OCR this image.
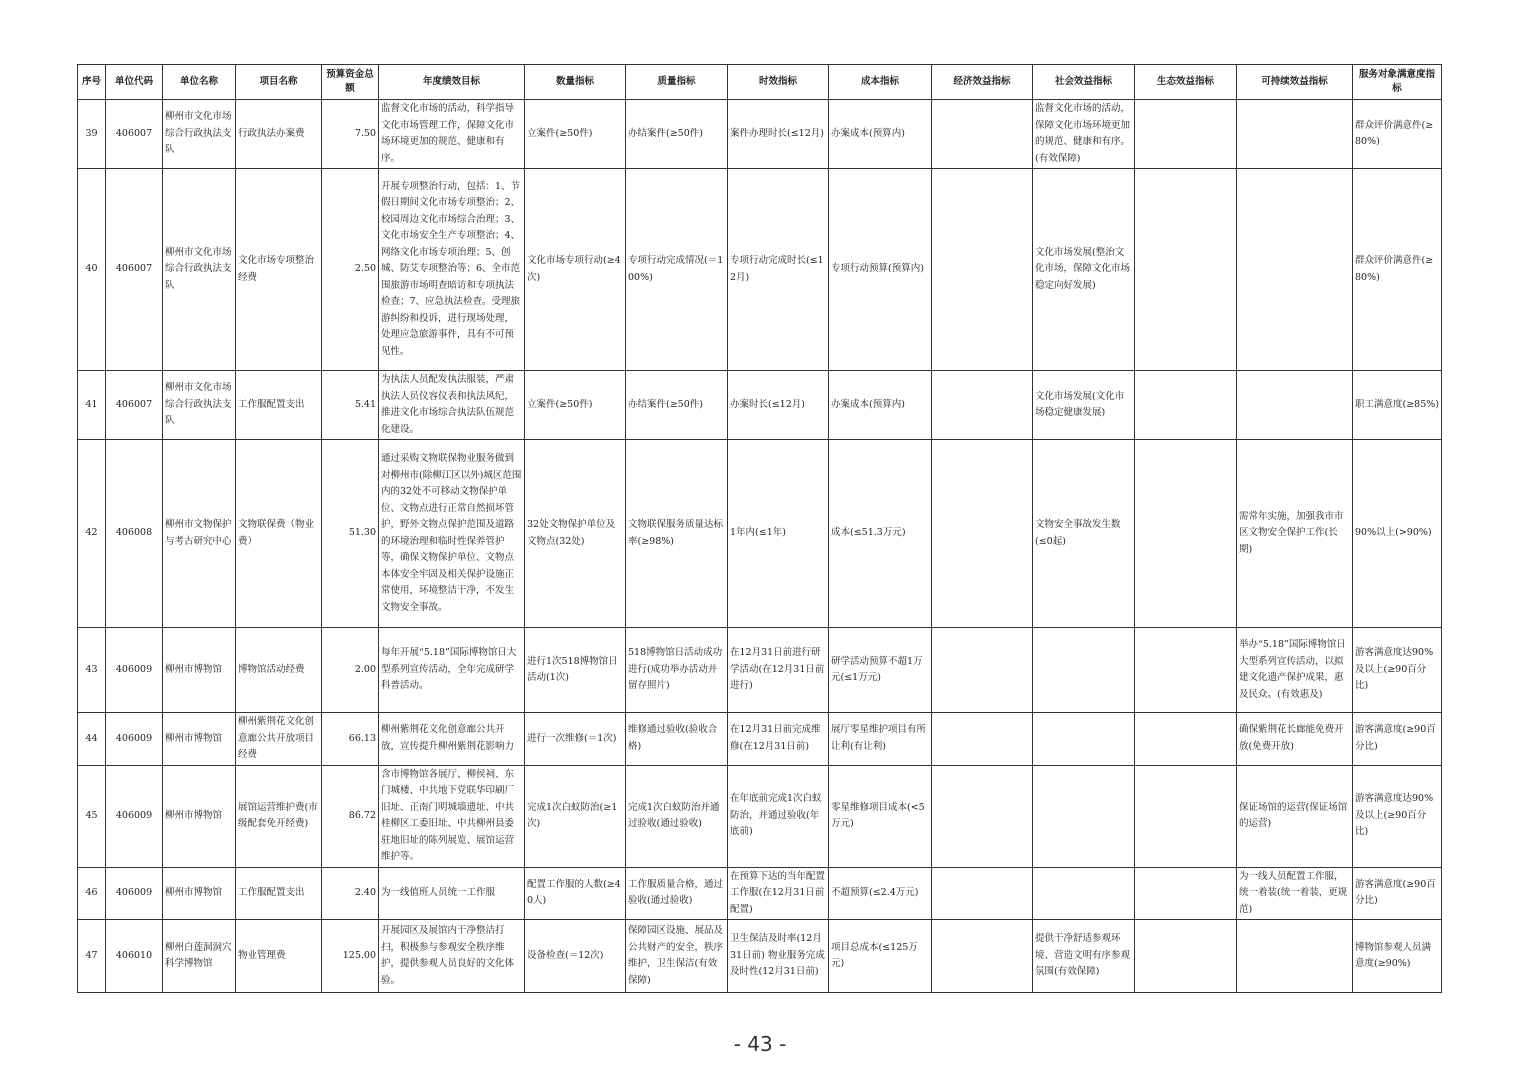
序号	单位代码	单位名称	项目名称	预算资金总额	年度绩效目标	数量指标	质量指标	时效指标	成本指标	经济效益指标	社会效益指标	生态效益指标	可持续效益指标	服务对象满意度指标
39	406007	柳州市文化市场综合行政执法支队	行政执法办案费	7.50	监督文化市场的活动，科学指导文化市场管理工作，保障文化市场环境更加的规范、健康和有序。	立案件(≥50件)	办结案件(≥50件)	案件办理时长(≤12月)	办案成本(预算内)		监督文化市场的活动，保障文化市场环境更加的规范、健康和有序。(有效保障)			群众评价满意件(≥80%)
40	406007	柳州市文化市场综合行政执法支队	文化市场专项整治经费	2.50	开展专项整治行动，包括：1、节假日期间文化市场专项整治；2、校园周边文化市场综合治理；3、文化市场安全生产专项整治；4、网络文化市场专项治理；5、创城、防艾专项整治等；6、全市范围旅游市场明查暗访和专项执法检查；7、应急执法检查。受理旅游纠纷和投诉，进行现场处理，处理应急旅游事件，具有不可预见性。	文化市场专项行动(≥4次)	专项行动完成情况(＝100%)	专项行动完成时长(≤12月)	专项行动预算(预算内)		文化市场发展(整治文化市场，保障文化市场稳定向好发展)			群众评价满意件(≥80%)
41	406007	柳州市文化市场综合行政执法支队	工作服配置支出	5.41	为执法人员配发执法服装，严肃执法人员仪容仪表和执法风纪，推进文化市场综合执法队伍规范化建设。	立案件(≥50件)	办结案件(≥50件)	办案时长(≤12月)	办案成本(预算内)		文化市场发展(文化市场稳定健康发展)			职工满意度(≥85%)
42	406008	柳州市文物保护与考古研究中心	文物联保费（物业费）	51.30	通过采购文物联保物业服务做到对柳州市(除柳江区以外)城区范围内的32处不可移动文物保护单位、文物点进行正常自然损坏管护，野外文物点保护范围及道路的环境治理和临时性保养管护等，确保文物保护单位、文物点本体安全牢固及相关保护设施正常使用，环境整洁干净，不发生文物安全事故。	32处文物保护单位及文物点(32处)	文物联保服务质量达标率(≥98%)	1年内(≤1年)	成本(≤51.3万元)		文物安全事故发生数(≤0起)		需常年实施，加强我市市区文物安全保护工作(长期)	90%以上(>90%)
43	406009	柳州市博物馆	博物馆活动经费	2.00	每年开展“5.18”国际博物馆日大型系列宣传活动，全年完成研学科普活动。	进行1次518博物馆日活动(1次)	518博物馆日活动成功进行(成功举办活动并留存照片)	在12月31日前进行研学活动(在12月31日前进行)	研学活动预算不超1万元(≤1万元)				举办“5.18”国际博物馆日大型系列宣传活动，以拟建文化遗产保护成果，惠及民众。(有效惠及)	游客满意度达90%及以上(≥90百分比)
44	406009	柳州市博物馆	柳州紫荆花文化创意廊公共开放项目经费	66.13	柳州紫荆花文化创意廊公共开放，宣传提升柳州紫荆花影响力	进行一次维修(＝1次)	维修通过验收(验收合格)	在12月31日前完成维修(在12月31日前)	展厅零星维护项目有所让利(有让利)				确保紫荆花长廊能免费开放(免费开放)	游客满意度(≥90百分比)
45	406009	柳州市博物馆	展馆运营维护费(市级配套免开经费)	86.72	含市博物馆各展厅、柳侯祠、东门城楼、中共地下党联华印刷厂旧址、正南门明城墙遗址、中共桂柳区工委旧址、中共柳州县委驻地旧址的陈列展览、展馆运营维护等。	完成1次白蚁防治(≥1次)	完成1次白蚁防治并通过验收(通过验收)	在年底前完成1次白蚁防治，并通过验收(年底前)	零星维修项目成本(<5万元)				保证场馆的运营(保证场馆的运营)	游客满意度达90%及以上(≥90百分比)
46	406009	柳州市博物馆	工作服配置支出	2.40	为一线值班人员统一工作服	配置工作服的人数(≥40人)	工作服质量合格，通过验收(通过验收)	在预算下达的当年配置工作服(在12月31日前配置)	不超预算(≤2.4万元)				为一线人员配置工作服，统一着装(统一着装，更规范)	游客满意度(≥90百分比)
47	406010	柳州白莲洞洞穴科学博物馆	物业管理费	125.00	开展园区及展馆内干净整洁打扫，积极参与参观安全秩序维护，提供参观人员良好的文化体验。	设备检查(＝12次)	保障园区设施、展品及公共财产的安全，秩序维护，卫生保洁(有效保障)	卫生保洁及时率(12月31日前) 物业服务完成及时性(12月31日前)	项目总成本(≤125万元)		提供干净舒适参观环境、营造文明有序参观氛围(有效保障)			博物馆参观人员满意度(≥90%)
- 43 -
